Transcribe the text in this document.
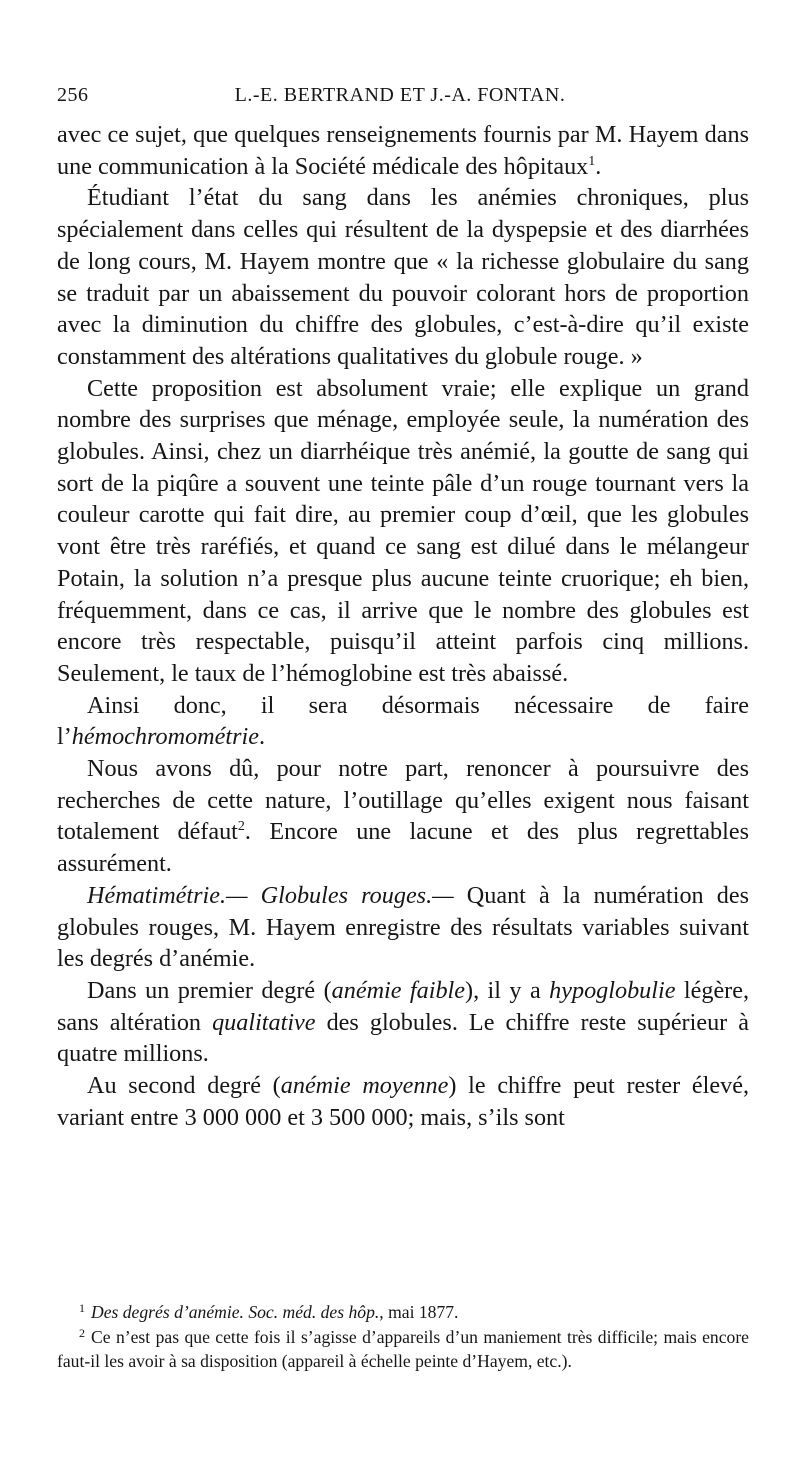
256	L.-E. BERTRAND ET J.-A. FONTAN.

avec ce sujet, que quelques renseignements fournis par M. Hayem dans une communication à la Société médicale des hôpitaux$^1$.

Étudiant l’état du sang dans les anémies chroniques, plus spécialement dans celles qui résultent de la dyspepsie et des diarrhées de long cours, M. Hayem montre que « la richesse globulaire du sang se traduit par un abaissement du pouvoir colorant hors de proportion avec la diminution du chiffre des globules, c’est-à-dire qu’il existe constamment des altérations qualitatives du globule rouge. »

Cette proposition est absolument vraie; elle explique un grand nombre des surprises que ménage, employée seule, la numération des globules. Ainsi, chez un diarrhéique très anémié, la goutte de sang qui sort de la piqûre a souvent une teinte pâle d’un rouge tournant vers la couleur carotte qui fait dire, au premier coup d’œil, que les globules vont être très raréfiés, et quand ce sang est dilué dans le mélangeur Potain, la solution n’a presque plus aucune teinte cruorique; eh bien, fréquemment, dans ce cas, il arrive que le nombre des globules est encore très respectable, puisqu’il atteint parfois cinq millions. Seulement, le taux de l’hémoglobine est très abaissé.

Ainsi donc, il sera désormais nécessaire de faire l’hémochromométrie.

Nous avons dû, pour notre part, renoncer à poursuivre des recherches de cette nature, l’outillage qu’elles exigent nous faisant totalement défaut$^2$. Encore une lacune et des plus regrettables assurément.

Hématimétrie.— Globules rouges.— Quant à la numération des globules rouges, M. Hayem enregistre des résultats variables suivant les degrés d’anémie.

Dans un premier degré (anémie faible), il y a hypoglobulie légère, sans altération qualitative des globules. Le chiffre reste supérieur à quatre millions.

Au second degré (anémie moyenne) le chiffre peut rester élevé, variant entre 3 000 000 et 3 500 000; mais, s’ils sont

$^1$ Des degrés d’anémie. Soc. méd. des hôp., mai 1877.

$^2$ Ce n’est pas que cette fois il s’agisse d’appareils d’un maniement très difficile; mais encore faut-il les avoir à sa disposition (appareil à échelle peinte d’Hayem, etc.).
